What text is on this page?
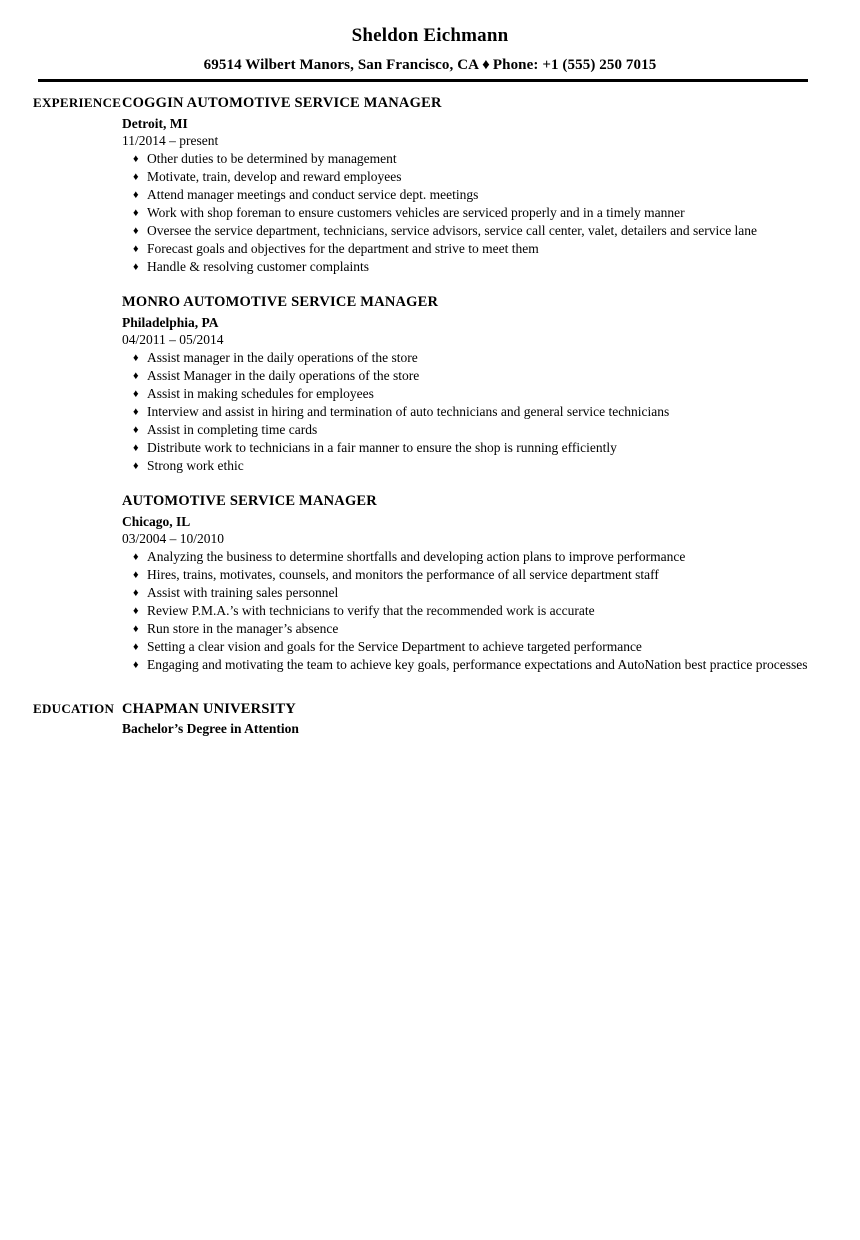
Sheldon Eichmann
69514 Wilbert Manors, San Francisco, CA ♦ Phone: +1 (555) 250 7015
EXPERIENCE COGGIN AUTOMOTIVE SERVICE MANAGER
Detroit, MI
11/2014 – present
♦ Other duties to be determined by management
♦ Motivate, train, develop and reward employees
♦ Attend manager meetings and conduct service dept. meetings
♦ Work with shop foreman to ensure customers vehicles are serviced properly and in a timely manner
♦ Oversee the service department, technicians, service advisors, service call center, valet, detailers and service lane
♦ Forecast goals and objectives for the department and strive to meet them
♦ Handle & resolving customer complaints
MONRO AUTOMOTIVE SERVICE MANAGER
Philadelphia, PA
04/2011 – 05/2014
♦ Assist manager in the daily operations of the store
♦ Assist Manager in the daily operations of the store
♦ Assist in making schedules for employees
♦ Interview and assist in hiring and termination of auto technicians and general service technicians
♦ Assist in completing time cards
♦ Distribute work to technicians in a fair manner to ensure the shop is running efficiently
♦ Strong work ethic
AUTOMOTIVE SERVICE MANAGER
Chicago, IL
03/2004 – 10/2010
♦ Analyzing the business to determine shortfalls and developing action plans to improve performance
♦ Hires, trains, motivates, counsels, and monitors the performance of all service department staff
♦ Assist with training sales personnel
♦ Review P.M.A.’s with technicians to verify that the recommended work is accurate
♦ Run store in the manager’s absence
♦ Setting a clear vision and goals for the Service Department to achieve targeted performance
♦ Engaging and motivating the team to achieve key goals, performance expectations and AutoNation best practice processes
EDUCATION CHAPMAN UNIVERSITY
Bachelor’s Degree in Attention
